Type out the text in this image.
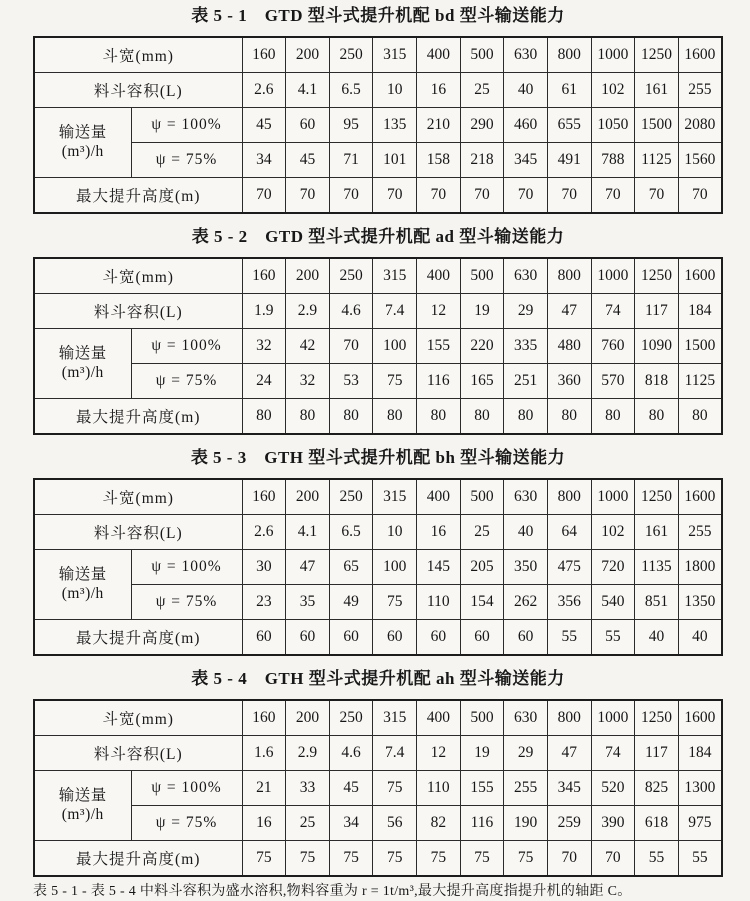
表 5 - 1　GTD 型斗式提升机配 bd 型斗输送能力
斗宽(mm)		160	200	250	315	400	500	630	800	1000	1250	1600
料斗容积(L)		2.6	4.1	6.5	10	16	25	40	61	102	161	255

输送量
(m³)/h	ψ = 100%	45	60	95	135	210	290	460	655	1050	1500	2080
	ψ = 75%	34	45	71	101	158	218	345	491	788	1125	1560
最大提升高度(m)		70	70	70	70	70	70	70	70	70	70	70
表 5 - 2　GTD 型斗式提升机配 ad 型斗输送能力
斗宽(mm)		160	200	250	315	400	500	630	800	1000	1250	1600
料斗容积(L)		1.9	2.9	4.6	7.4	12	19	29	47	74	117	184

输送量
(m³)/h	ψ = 100%	32	42	70	100	155	220	335	480	760	1090	1500
	ψ = 75%	24	32	53	75	116	165	251	360	570	818	1125
最大提升高度(m)		80	80	80	80	80	80	80	80	80	80	80
表 5 - 3　GTH 型斗式提升机配 bh 型斗输送能力
斗宽(mm)		160	200	250	315	400	500	630	800	1000	1250	1600
料斗容积(L)		2.6	4.1	6.5	10	16	25	40	64	102	161	255

输送量
(m³)/h	ψ = 100%	30	47	65	100	145	205	350	475	720	1135	1800
	ψ = 75%	23	35	49	75	110	154	262	356	540	851	1350
最大提升高度(m)		60	60	60	60	60	60	60	55	55	40	40
表 5 - 4　GTH 型斗式提升机配 ah 型斗输送能力
斗宽(mm)		160	200	250	315	400	500	630	800	1000	1250	1600
料斗容积(L)		1.6	2.9	4.6	7.4	12	19	29	47	74	117	184

输送量
(m³)/h	ψ = 100%	21	33	45	75	110	155	255	345	520	825	1300
	ψ = 75%	16	25	34	56	82	116	190	259	390	618	975
最大提升高度(m)		75	75	75	75	75	75	75	70	70	55	55

表 5 - 1 - 表 5 - 4 中料斗容积为盛水溶积,物料容重为 r = 1t/m³,最大提升高度指提升机的轴距 C。
